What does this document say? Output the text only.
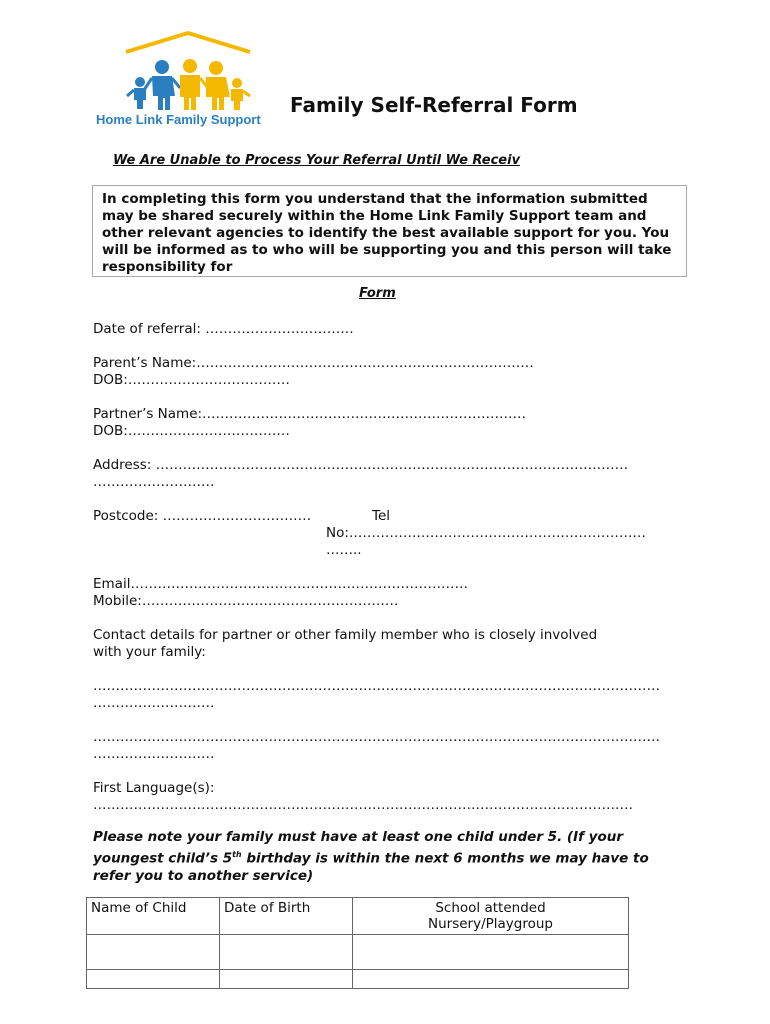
Home Link Family Support
Family Self-Referral Form
We Are Unable to Process Your Referral Until We Receiv
In completing this form you understand that the information submitted may be shared securely within the Home Link Family Support team and other relevant agencies to identify the best available support for you. You will be informed as to who will be supporting you and this person will take responsibility for
Form
Date of referral: ……………………………
Parent’s Name:…………………………………………………………………
DOB:………………………………
Partner’s Name:………………………………………………………………
DOB:………………………………
Address: ……………………………………………………………………………………………
………………………
Postcode: ……………………………	Tel
No:…………………………………………………………
……..
Email…………………………………………………………………
Mobile:…………………………………………………
Contact details for partner or other family member who is closely involved
with your family:
………………………………………………………………………………………………………………
………………………
………………………………………………………………………………………………………………
………………………
First Language(s):
…………………………………………………………………………………………………………
Please note your family must have at least one child under 5. (If your youngest child’s 5th birthday is within the next 6 months we may have to refer you to another service)
Name of Child	Date of Birth	School attended Nursery/Playgroup
